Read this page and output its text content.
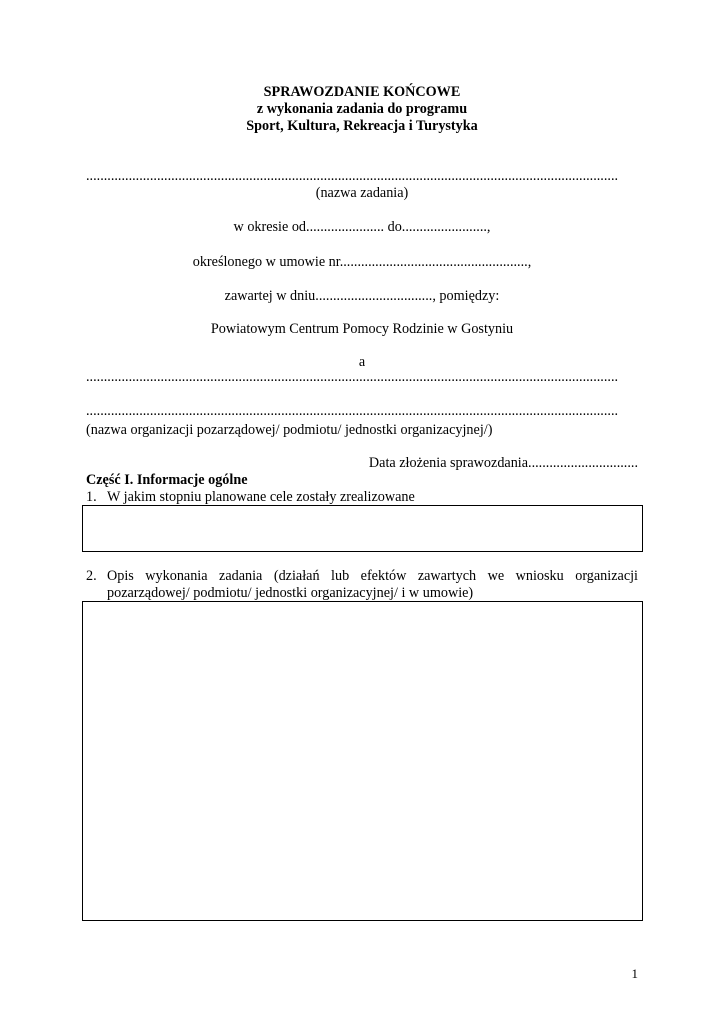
SPRAWOZDANIE KOŃCOWE
z wykonania zadania do programu
Sport, Kultura, Rekreacja i Turystyka
......................................................................................................................................................
(nazwa zadania)
w okresie od...................... do........................,
określonego w umowie nr.....................................................,
zawartej w dniu................................., pomiędzy:
Powiatowym Centrum Pomocy Rodzinie w Gostyniu
a
......................................................................................................................................................
......................................................................................................................................................
(nazwa organizacji pozarządowej/ podmiotu/ jednostki organizacyjnej/)
Data złożenia sprawozdania...............................
Część I. Informacje ogólne
1. W jakim stopniu planowane cele zostały zrealizowane
2. Opis wykonania zadania (działań lub efektów zawartych we wniosku organizacji
pozarządowej/ podmiotu/ jednostki organizacyjnej/ i w umowie)
1
